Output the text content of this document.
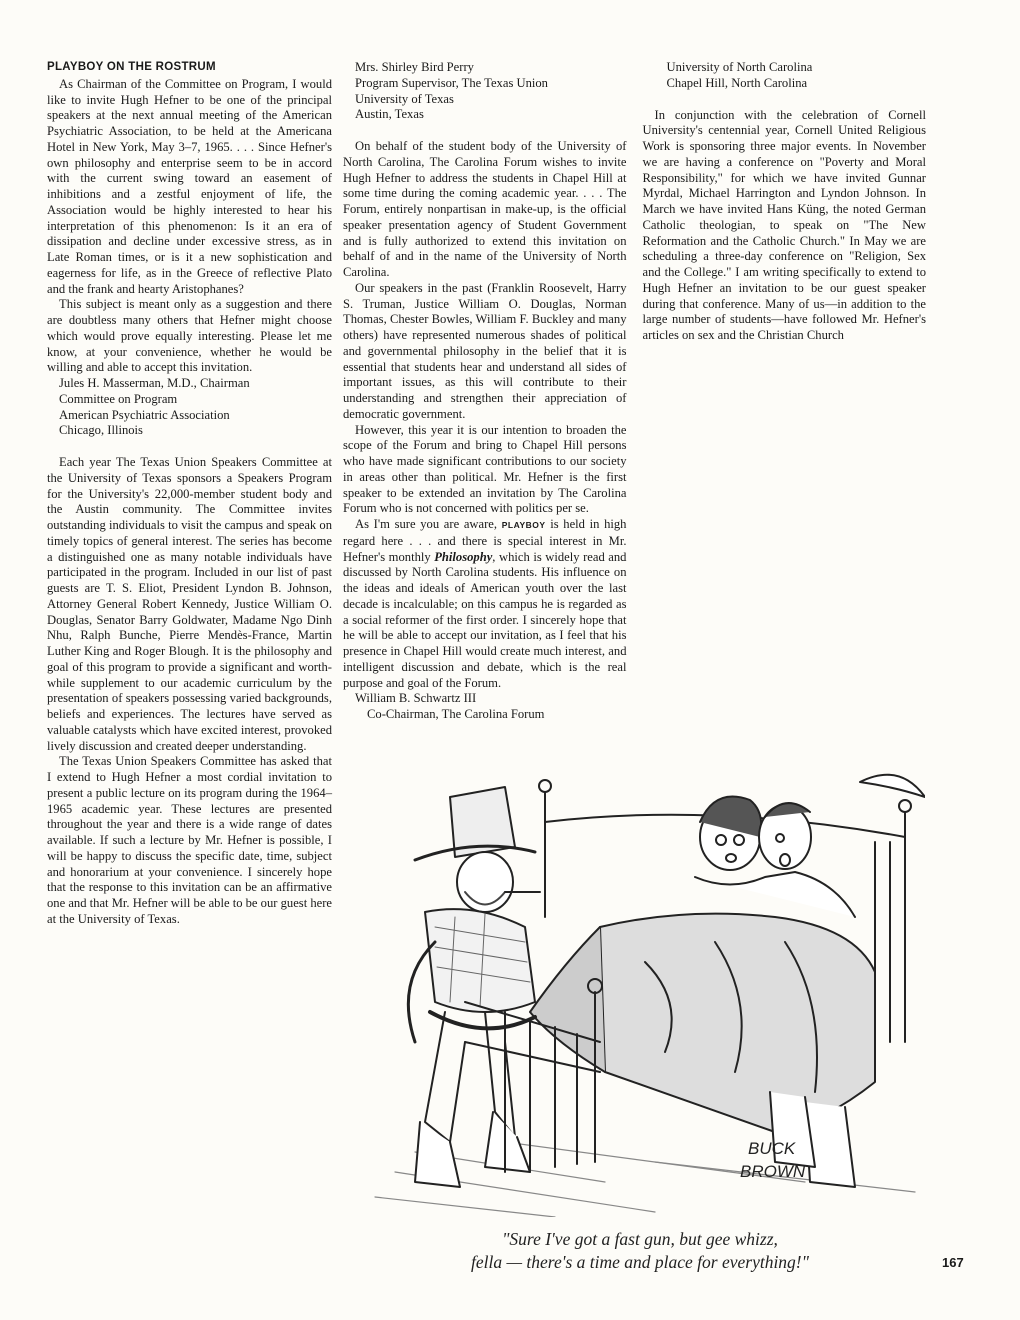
PLAYBOY ON THE ROSTRUM

As Chairman of the Committee on Program, I would like to invite Hugh Hefner to be one of the principal speakers at the next annual meeting of the American Psychiatric Association, to be held at the Americana Hotel in New York, May 3–7, 1965. . . . Since Hefner's own philosophy and enterprise seem to be in accord with the current swing toward an easement of inhibitions and a zestful enjoyment of life, the Association would be highly interested to hear his interpretation of this phenomenon: Is it an era of dissipation and decline under excessive stress, as in Late Roman times, or is it a new sophistication and eagerness for life, as in the Greece of reflective Plato and the frank and hearty Aristophanes?

This subject is meant only as a suggestion and there are doubtless many others that Hefner might choose which would prove equally interesting. Please let me know, at your convenience, whether he would be willing and able to accept this invitation.

Jules H. Masserman, M.D., Chairman
Committee on Program
American Psychiatric Association
Chicago, Illinois

Each year The Texas Union Speakers Committee at the University of Texas sponsors a Speakers Program for the University's 22,000-member student body and the Austin community. The Committee invites outstanding individuals to visit the campus and speak on timely topics of general interest. The series has become a distinguished one as many notable individuals have participated in the program. Included in our list of past guests are T. S. Eliot, President Lyndon B. Johnson, Attorney General Robert Kennedy, Justice William O. Douglas, Senator Barry Goldwater, Madame Ngo Dinh Nhu, Ralph Bunche, Pierre Mendès-France, Martin Luther King and Roger Blough. It is the philosophy and goal of this program to provide a significant and worth-while supplement to our academic curriculum by the presentation of speakers possessing varied backgrounds, beliefs and experiences. The lectures have served as valuable catalysts which have excited interest, provoked lively discussion and created deeper understanding.

The Texas Union Speakers Committee has asked that I extend to Hugh Hefner a most cordial invitation to present a public lecture on its program during the 1964–1965 academic year. These lectures are presented throughout the year and there is a wide range of dates available. If such a lecture by Mr. Hefner is possible, I will be happy to discuss the specific date, time, subject and honorarium at your convenience. I sincerely hope that the response to this invitation can be an affirmative one and that Mr. Hefner will be able to be our guest here at the University of Texas.

Mrs. Shirley Bird Perry
Program Supervisor, The Texas Union
University of Texas
Austin, Texas

On behalf of the student body of the University of North Carolina, The Carolina Forum wishes to invite Hugh Hefner to address the students in Chapel Hill at some time during the coming academic year. . . . The Forum, entirely nonpartisan in make-up, is the official speaker presentation agency of Student Government and is fully authorized to extend this invitation on behalf of and in the name of the University of North Carolina.

Our speakers in the past (Franklin Roosevelt, Harry S. Truman, Justice William O. Douglas, Norman Thomas, Chester Bowles, William F. Buckley and many others) have represented numerous shades of political and governmental philosophy in the belief that it is essential that students hear and understand all sides of important issues, as this will contribute to their understanding and strengthen their appreciation of democratic government.

However, this year it is our intention to broaden the scope of the Forum and bring to Chapel Hill persons who have made significant contributions to our society in areas other than political. Mr. Hefner is the first speaker to be extended an invitation by The Carolina Forum who is not concerned with politics per se.

As I'm sure you are aware, PLAYBOY is held in high regard here . . . and there is special interest in Mr. Hefner's monthly Philosophy, which is widely read and discussed by North Carolina students. His influence on the ideas and ideals of American youth over the last decade is incalculable; on this campus he is regarded as a social reformer of the first order. I sincerely hope that he will be able to accept our invitation, as I feel that his presence in Chapel Hill would create much interest, and intelligent discussion and debate, which is the real purpose and goal of the Forum.

William B. Schwartz III
Co-Chairman, The Carolina Forum
University of North Carolina
Chapel Hill, North Carolina

In conjunction with the celebration of Cornell University's centennial year, Cornell United Religious Work is sponsoring three major events. In November we are having a conference on "Poverty and Moral Responsibility," for which we have invited Gunnar Myrdal, Michael Harrington and Lyndon Johnson. In March we have invited Hans Küng, the noted German Catholic theologian, to speak on "The New Reformation and the Catholic Church." In May we are scheduling a three-day conference on "Religion, Sex and the College." I am writing specifically to extend to Hugh Hefner an invitation to be our guest speaker during that conference. Many of us—in addition to the large number of students—have followed Mr. Hefner's articles on sex and the Christian Church

BUCK
BROWN
"Sure I've got a fast gun, but gee whizz,
fella — there's a time and place for everything!"	167
